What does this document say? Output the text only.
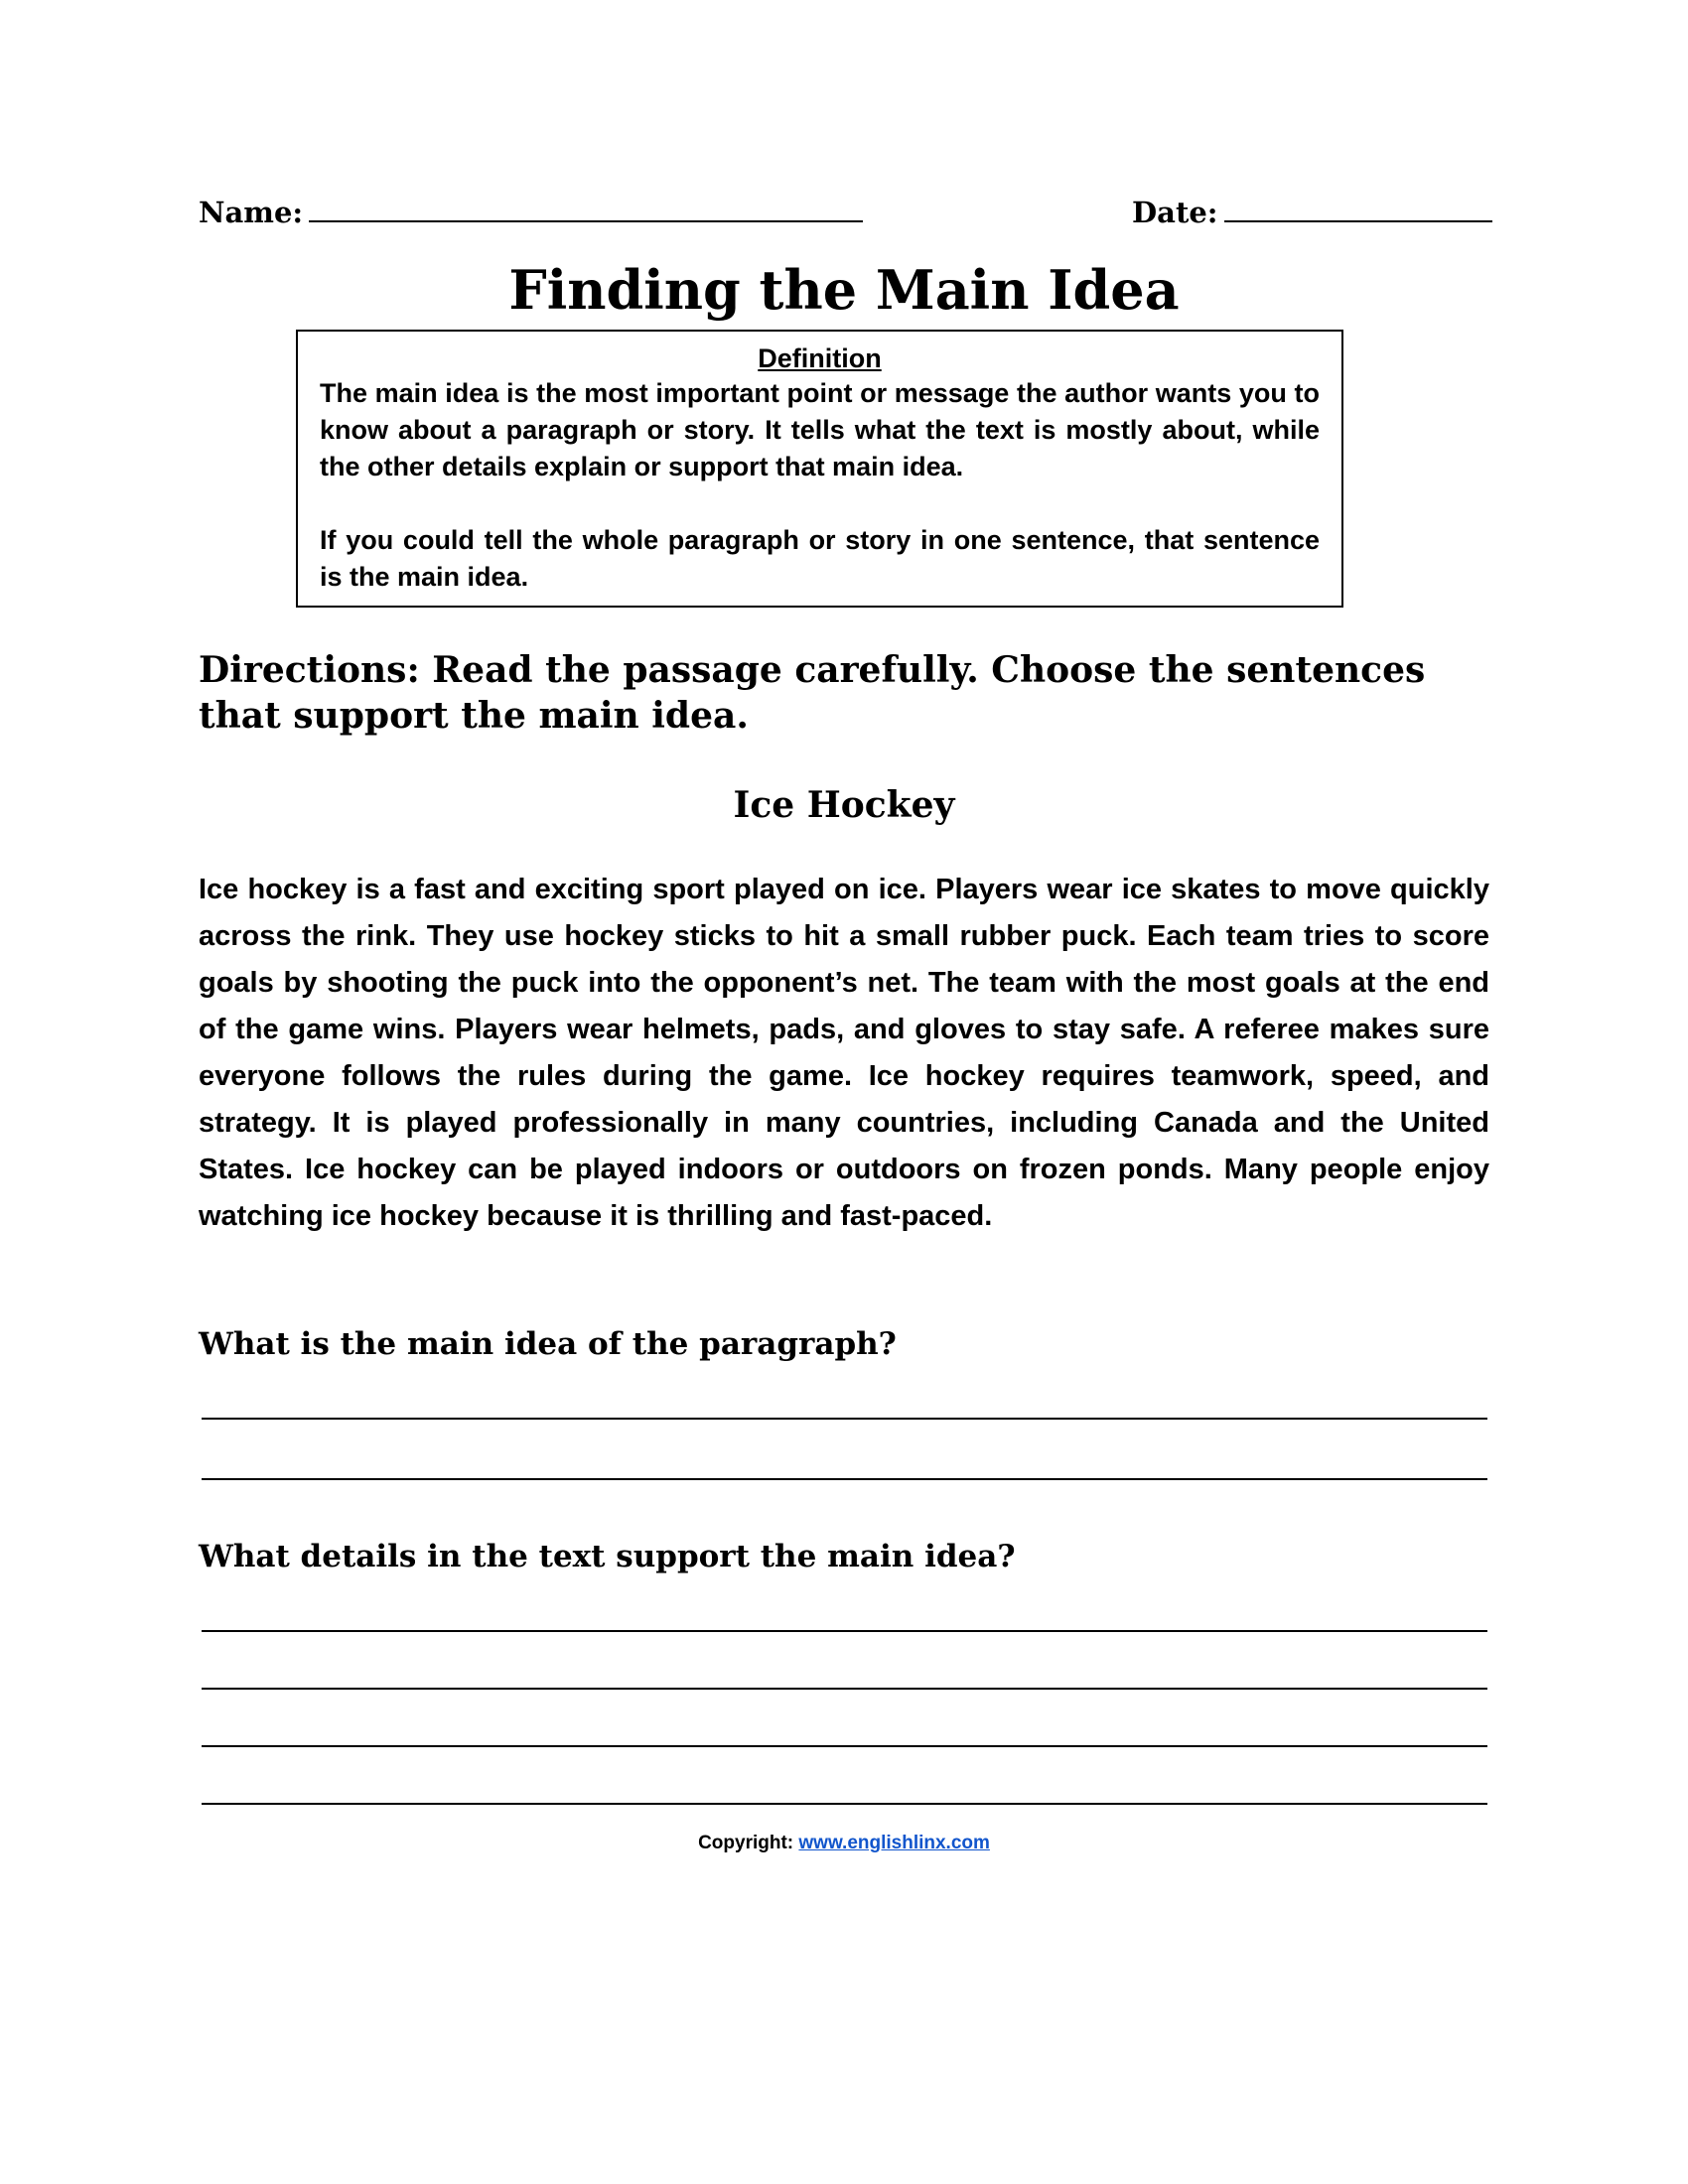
Name:	Date:
Finding the Main Idea
Definition

The main idea is the most important point or message the author wants you to know about a paragraph or story. It tells what the text is mostly about, while the other details explain or support that main idea.

If you could tell the whole paragraph or story in one sentence, that sentence is the main idea.

Directions: Read the passage carefully. Choose the sentences that support the main idea.

Ice Hockey

Ice hockey is a fast and exciting sport played on ice. Players wear ice skates to move quickly across the rink. They use hockey sticks to hit a small rubber puck. Each team tries to score goals by shooting the puck into the opponent’s net. The team with the most goals at the end of the game wins. Players wear helmets, pads, and gloves to stay safe. A referee makes sure everyone follows the rules during the game. Ice hockey requires teamwork, speed, and strategy. It is played professionally in many countries, including Canada and the United States. Ice hockey can be played indoors or outdoors on frozen ponds. Many people enjoy watching ice hockey because it is thrilling and fast-paced.

What is the main idea of the paragraph?

What details in the text support the main idea?

Copyright: www.englishlinx.com
